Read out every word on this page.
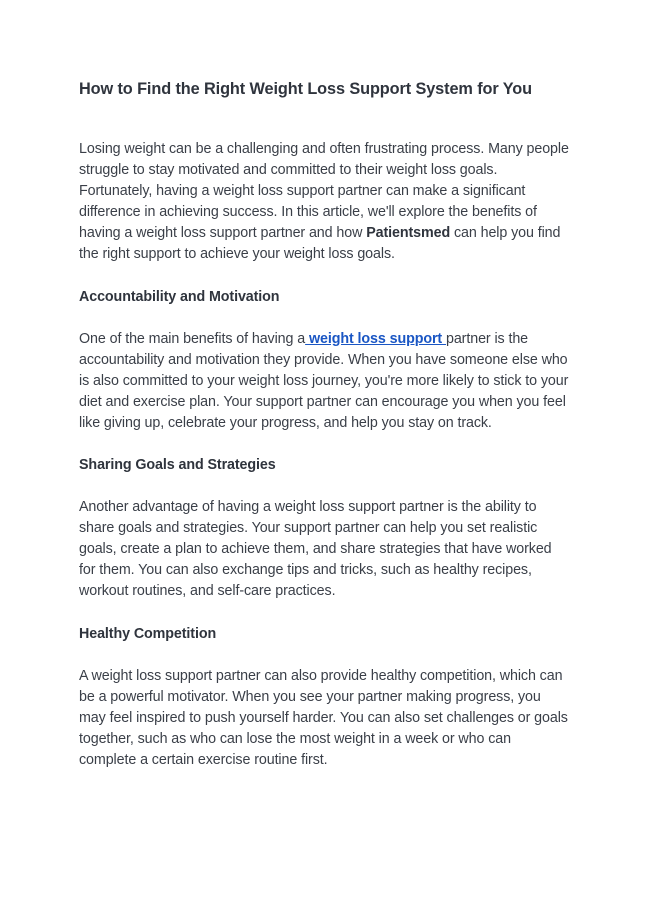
How to Find the Right Weight Loss Support System for You

Losing weight can be a challenging and often frustrating process. Many people struggle to stay motivated and committed to their weight loss goals. Fortunately, having a weight loss support partner can make a significant difference in achieving success. In this article, we'll explore the benefits of having a weight loss support partner and how Patientsmed can help you find the right support to achieve your weight loss goals.

Accountability and Motivation

One of the main benefits of having a weight loss support partner is the accountability and motivation they provide. When you have someone else who is also committed to your weight loss journey, you're more likely to stick to your diet and exercise plan. Your support partner can encourage you when you feel like giving up, celebrate your progress, and help you stay on track.

Sharing Goals and Strategies

Another advantage of having a weight loss support partner is the ability to share goals and strategies. Your support partner can help you set realistic goals, create a plan to achieve them, and share strategies that have worked for them. You can also exchange tips and tricks, such as healthy recipes, workout routines, and self-care practices.

Healthy Competition

A weight loss support partner can also provide healthy competition, which can be a powerful motivator. When you see your partner making progress, you may feel inspired to push yourself harder. You can also set challenges or goals together, such as who can lose the most weight in a week or who can complete a certain exercise routine first.
